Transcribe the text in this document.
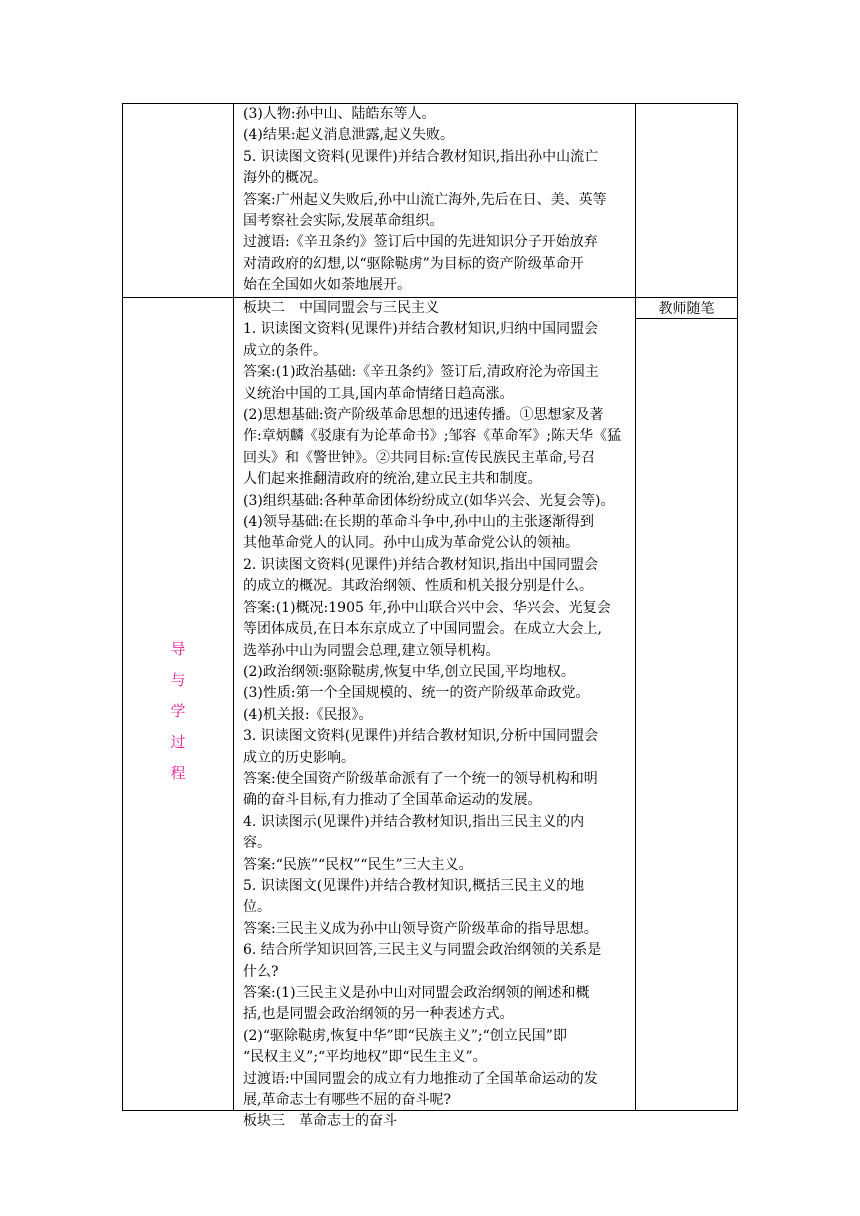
(3)人物:孙中山、陆皓东等人。

(4)结果:起义消息泄露,起义失败。

5. 识读图文资料(见课件)并结合教材知识,指出孙中山流亡

海外的概况。

答案:广州起义失败后,孙中山流亡海外,先后在日、美、英等

国考察社会实际,发展革命组织。

过渡语:《辛丑条约》签订后中国的先进知识分子开始放弃

对清政府的幻想,以“驱除鞑虏”为目标的资产阶级革命开

始在全国如火如荼地展开。

导
与
学
过
程
教师随笔

板块二　中国同盟会与三民主义

1. 识读图文资料(见课件)并结合教材知识,归纳中国同盟会

成立的条件。

答案:(1)政治基础:《辛丑条约》签订后,清政府沦为帝国主

义统治中国的工具,国内革命情绪日趋高涨。

(2)思想基础:资产阶级革命思想的迅速传播。①思想家及著

作:章炳麟《驳康有为论革命书》;邹容《革命军》;陈天华《猛

回头》和《警世钟》。②共同目标:宣传民族民主革命,号召

人们起来推翻清政府的统治,建立民主共和制度。

(3)组织基础:各种革命团体纷纷成立(如华兴会、光复会等)。

(4)领导基础:在长期的革命斗争中,孙中山的主张逐渐得到

其他革命党人的认同。孙中山成为革命党公认的领袖。

2. 识读图文资料(见课件)并结合教材知识,指出中国同盟会

的成立的概况。其政治纲领、性质和机关报分别是什么。

答案:(1)概况:1905 年,孙中山联合兴中会、华兴会、光复会

等团体成员,在日本东京成立了中国同盟会。在成立大会上,

选举孙中山为同盟会总理,建立领导机构。

(2)政治纲领:驱除鞑虏,恢复中华,创立民国,平均地权。

(3)性质:第一个全国规模的、统一的资产阶级革命政党。

(4)机关报:《民报》。

3. 识读图文资料(见课件)并结合教材知识,分析中国同盟会

成立的历史影响。

答案:使全国资产阶级革命派有了一个统一的领导机构和明

确的奋斗目标,有力推动了全国革命运动的发展。

4. 识读图示(见课件)并结合教材知识,指出三民主义的内

容。

答案:“民族”“民权”“民生”三大主义。

5. 识读图文(见课件)并结合教材知识,概括三民主义的地

位。

答案:三民主义成为孙中山领导资产阶级革命的指导思想。

6. 结合所学知识回答,三民主义与同盟会政治纲领的关系是

什么?

答案:(1)三民主义是孙中山对同盟会政治纲领的阐述和概

括,也是同盟会政治纲领的另一种表述方式。

(2)“驱除鞑虏,恢复中华”即“民族主义”;“创立民国”即

“民权主义”;“平均地权”即“民生主义”。

过渡语:中国同盟会的成立有力地推动了全国革命运动的发

展,革命志士有哪些不屈的奋斗呢?

板块三　革命志士的奋斗
